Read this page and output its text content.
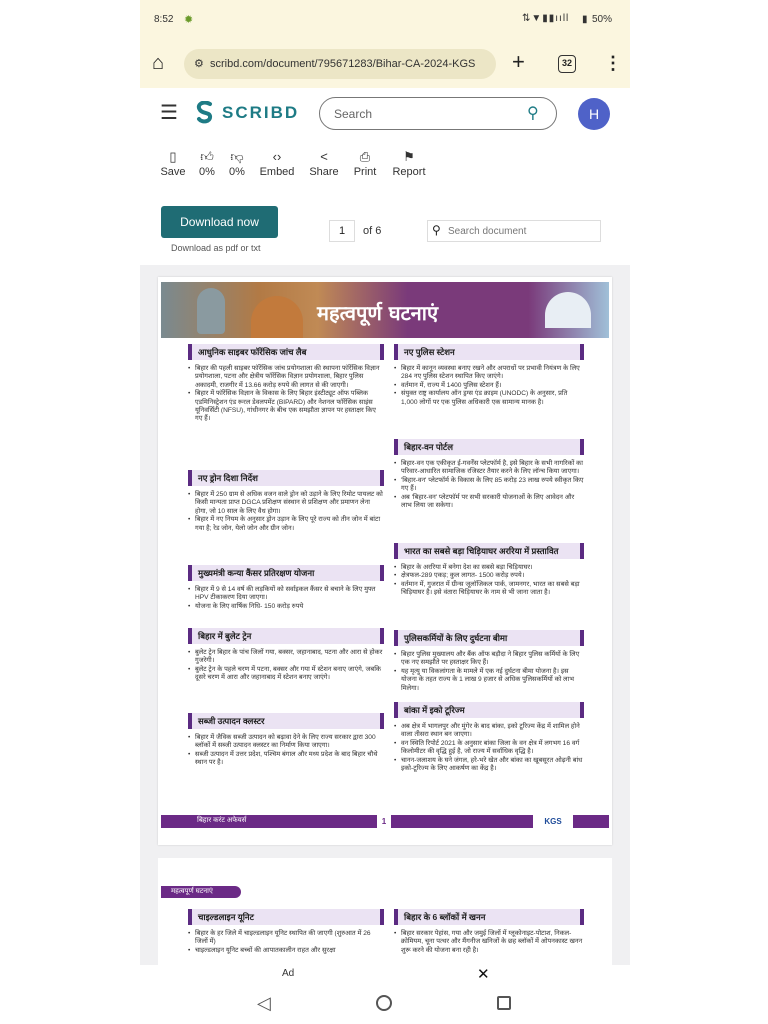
8:52 ✹	⇅▼▮▮ııll ▮ 50%
⌂	⚙ scribd.com/document/795671283/Bihar-CA-2024-KGS	+	32 ⋮
☰	SCRIBD	Search	⚲	H
▯
Save
👍︎
0%
👎︎
0%
‹›
Embed
<
Share
⎙
Print
⚑
Report
Download now
Download as pdf or txt
1	of 6	⚲ Search document
महत्वपूर्ण घटनाएं
आधुनिक साइबर फॉरेंसिक जांच लैब
• बिहार की पहली साइबर फॉरेंसिक जांच प्रयोगशाला की स्थापना फॉरेंसिक विज्ञान प्रयोगशाला, पटना और क्षेत्रीय फॉरेंसिक विज्ञान प्रयोगशाला, बिहार पुलिस अकादमी, राजगीर में 13.66 करोड़ रुपये की लागत से की जाएगी।
• बिहार में फॉरेंसिक विज्ञान के विकास के लिए बिहार इंस्टीट्यूट ऑफ पब्लिक एडमिनिस्ट्रेशन एंड रूरल डेवलपमेंट (BIPARD) और नेशनल फॉरेंसिक साइंस यूनिवर्सिटी (NFSU), गांधीनगर के बीच एक समझौता ज्ञापन पर हस्ताक्षर किए गए हैं।
नए ड्रोन दिशा निर्देश
• बिहार में 250 ग्राम से अधिक वजन वाले ड्रोन को उड़ाने के लिए रिमोट पायलट को किसी मान्यता प्राप्त DGCA प्रशिक्षण संस्थान से प्रशिक्षण और प्रमाणन लेना होगा, जो 10 साल के लिए वैध होगा।
• बिहार में नए नियम के अनुसार ड्रोन उड़ान के लिए पूरे राज्य को तीन जोन में बांटा गया है; रेड जोन, येलो जोन और ग्रीन जोन।
मुख्यमंत्री कन्या कैंसर प्रतिरक्षण योजना
• बिहार में 9 से 14 वर्ष की लड़कियों को सर्वाइकल कैंसर से बचाने के लिए मुफ्त HPV टीकाकरण दिया जाएगा।
• योजना के लिए वार्षिक निधि- 150 करोड़ रुपये
बिहार में बुलेट ट्रेन
• बुलेट ट्रेन बिहार के पांच जिलों गया, बक्सर, जहानाबाद, पटना और आरा से होकर गुजरेगी।
• बुलेट ट्रेन के पहले चरण में पटना, बक्सर और गया में स्टेशन बनाए जाएंगे, जबकि दूसरे चरण में आरा और जहानाबाद में स्टेशन बनाए जाएंगे।
सब्जी उत्पादन क्लस्टर
• बिहार में जैविक सब्जी उत्पादन को बढ़ावा देने के लिए राज्य सरकार द्वारा 300 ब्लॉकों में सब्जी उत्पादन क्लस्टर का निर्माण किया जाएगा।
• सब्जी उत्पादन में उत्तर प्रदेश, पश्चिम बंगाल और मध्य प्रदेश के बाद बिहार चौथे स्थान पर है।
नए पुलिस स्टेशन
• बिहार में कानून व्यवस्था बनाए रखने और अपराधों पर प्रभावी नियंत्रण के लिए 284 नए पुलिस स्टेशन स्थापित किए जाएंगे।
• वर्तमान में, राज्य में 1400 पुलिस स्टेशन हैं।
• संयुक्त राष्ट्र कार्यालय ऑन ड्रग्स एंड क्राइम (UNODC) के अनुसार, प्रति 1,000 लोगों पर एक पुलिस अधिकारी एक सामान्य मानक है।
बिहार-वन पोर्टल
• बिहार-वन एक एकीकृत ई-गवर्नेंस प्लेटफॉर्म है, इसे बिहार के सभी नागरिकों का परिवार-आधारित सामाजिक रजिस्टर तैयार करने के लिए लॉन्च किया जाएगा।
• 'बिहार-वन' प्लेटफॉर्म के विकास के लिए 85 करोड़ 23 लाख रुपये स्वीकृत किए गए हैं।
• अब 'बिहार-वन' प्लेटफॉर्म पर सभी सरकारी योजनाओं के लिए आवेदन और लाभ लिया जा सकेगा।
भारत का सबसे बड़ा चिड़ियाघर अररिया में प्रस्तावित
• बिहार के अररिया में बनेगा देश का सबसे बड़ा चिड़ियाघर।
• क्षेत्रफल-289 एकड़; कुल लागत- 1500 करोड़ रुपये।
• वर्तमान में, गुजरात में ग्रीन्स जूलॉजिकल पार्क, जामनगर, भारत का सबसे बड़ा चिड़ियाघर है। इसे वंतारा चिड़ियाघर के नाम से भी जाना जाता है।
पुलिसकर्मियों के लिए दुर्घटना बीमा
• बिहार पुलिस मुख्यालय और बैंक ऑफ बड़ौदा ने बिहार पुलिस कर्मियों के लिए एक नए समझौते पर हस्ताक्षर किए हैं।
• यह मृत्यु या विकलांगता के मामले में एक नई दुर्घटना बीमा योजना है। इस योजना के तहत राज्य के 1 लाख 9 हजार से अधिक पुलिसकर्मियों को लाभ मिलेगा।
बांका में इको टूरिज्म
• अब क्षेत्र में भागलपुर और मुंगेर के बाद बांका, इको टूरिज्म केंद्र में शामिल होने वाला तीसरा स्थान बन जाएगा।
• वन स्थिति रिपोर्ट 2021 के अनुसार बांका जिला के वन क्षेत्र में लगभग 16 वर्ग किलोमीटर की वृद्धि हुई है, जो राज्य में सर्वाधिक वृद्धि है।
• चानन-जलाशय के घने जंगल, हरे-भरे खेत और बांका का खूबसूरत ओढ़नी बांध इको-टूरिज्म के लिए आकर्षण का केंद्र है।
बिहार करंट अफेयर्स	1	KGS
महत्वपूर्ण घटनाएं
चाइल्डलाइन यूनिट
• बिहार के हर जिले में चाइल्डलाइन यूनिट स्थापित की जाएगी (शुरुआत में 26 जिलों में)
• चाइल्डलाइन यूनिट बच्चों की आपातकालीन राहत और सुरक्षा
बिहार के 6 ब्लॉकों में खनन
• बिहार सरकार पेहांस, गया और जमुई जिलों में ग्लूकोनाइट-पोटाश, निकल-क्रोमियम, चूना पत्थर और मैंगनीज खनिजों के छह ब्लॉकों में ओपनकास्ट खनन शुरू करने की योजना बना रही है।
Ad	✕
◁
